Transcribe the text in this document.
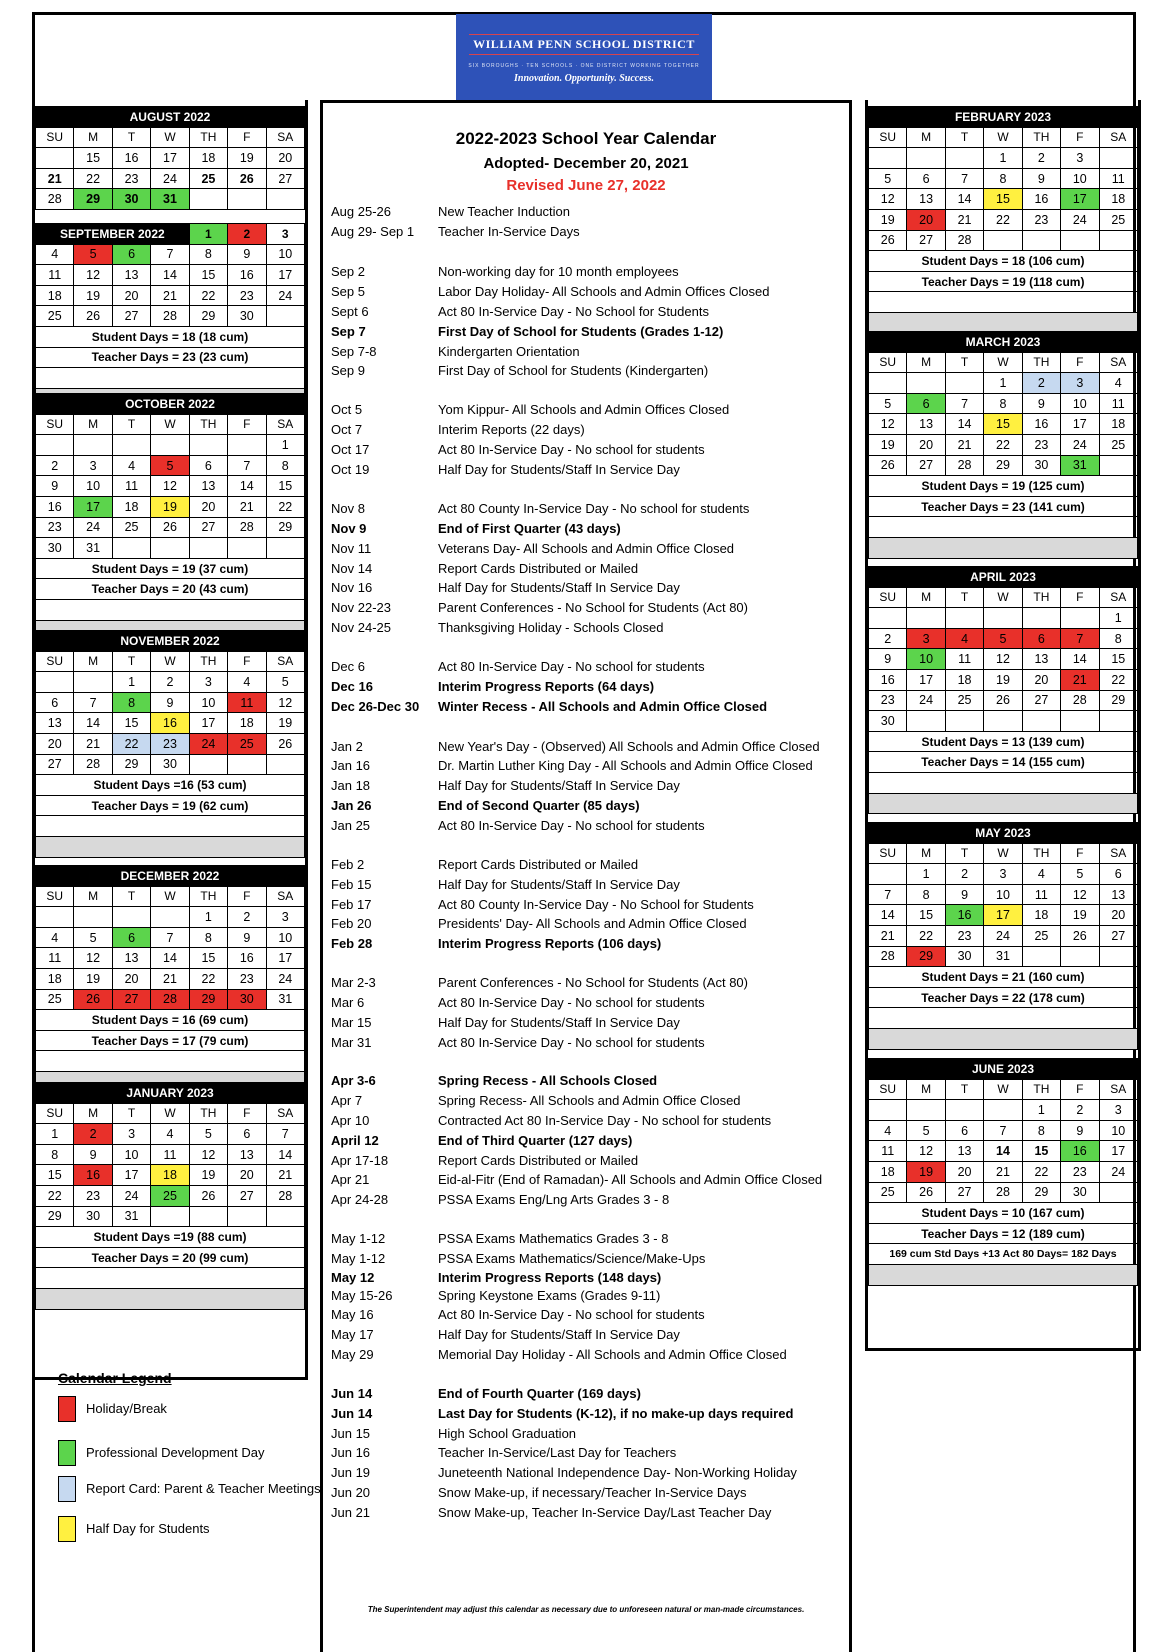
WILLIAM PENN SCHOOL DISTRICT
SIX BOROUGHS · TEN SCHOOLS · ONE DISTRICT WORKING TOGETHER
Innovation. Opportunity. Success.
AUGUST 2022						
SU	M	T	W	TH	F	SA
	15	16	17	18	19	20
21	22	23	24	25	26	27
28	29	30	31			
SEPTEMBER 2022				1	2	3
4	5	6	7	8	9	10
11	12	13	14	15	16	17
18	19	20	21	22	23	24
25	26	27	28	29	30	
Student Days = 18 (18 cum)						
Teacher Days = 23 (23 cum)						

OCTOBER 2022						
SU	M	T	W	TH	F	SA
						1
2	3	4	5	6	7	8
9	10	11	12	13	14	15
16	17	18	19	20	21	22
23	24	25	26	27	28	29
30	31					
Student Days = 19 (37 cum)						
Teacher Days = 20 (43 cum)						

NOVEMBER 2022						
SU	M	T	W	TH	F	SA
		1	2	3	4	5
6	7	8	9	10	11	12
13	14	15	16	17	18	19
20	21	22	23	24	25	26
27	28	29	30			
Student Days =16 (53 cum)						
Teacher Days = 19 (62 cum)						

DECEMBER 2022						
SU	M	T	W	TH	F	SA
				1	2	3
4	5	6	7	8	9	10
11	12	13	14	15	16	17
18	19	20	21	22	23	24
25	26	27	28	29	30	31
Student Days = 16 (69 cum)						
Teacher Days = 17 (79 cum)						

JANUARY 2023						
SU	M	T	W	TH	F	SA
1	2	3	4	5	6	7
8	9	10	11	12	13	14
15	16	17	18	19	20	21
22	23	24	25	26	27	28
29	30	31				
Student Days =19 (88 cum)						
Teacher Days = 20 (99 cum)						

FEBRUARY 2023						
SU	M	T	W	TH	F	SA
			1	2	3	
5	6	7	8	9	10	11
12	13	14	15	16	17	18
19	20	21	22	23	24	25
26	27	28				
Student Days = 18 (106 cum)						
Teacher Days = 19 (118 cum)						

MARCH 2023						
SU	M	T	W	TH	F	SA
			1	2	3	4
5	6	7	8	9	10	11
12	13	14	15	16	17	18
19	20	21	22	23	24	25
26	27	28	29	30	31	
Student Days = 19 (125 cum)						
Teacher Days = 23 (141 cum)						

APRIL 2023						
SU	M	T	W	TH	F	SA
						1
2	3	4	5	6	7	8
9	10	11	12	13	14	15
16	17	18	19	20	21	22
23	24	25	26	27	28	29
30						
Student Days = 13 (139 cum)						
Teacher Days = 14 (155 cum)						

MAY 2023						
SU	M	T	W	TH	F	SA
	1	2	3	4	5	6
7	8	9	10	11	12	13
14	15	16	17	18	19	20
21	22	23	24	25	26	27
28	29	30	31			
Student Days = 21 (160 cum)						
Teacher Days = 22 (178 cum)						

JUNE 2023						
SU	M	T	W	TH	F	SA
				1	2	3
4	5	6	7	8	9	10
11	12	13	14	15	16	17
18	19	20	21	22	23	24
25	26	27	28	29	30	
Student Days = 10 (167 cum)						
Teacher Days = 12 (189 cum)						
169 cum Std Days +13 Act 80 Days= 182 Days						

2022-2023 School Year Calendar
Adopted- December 20, 2021
Revised June 27, 2022
Aug 25-26	New Teacher Induction
Aug 29- Sep 1	Teacher In-Service Days
Sep 2	Non-working day for 10 month employees
Sep 5	Labor Day Holiday- All Schools and Admin Offices Closed
Sept 6	Act 80 In-Service Day - No School for Students
Sep 7	First Day of School for Students (Grades 1-12)
Sep 7-8	Kindergarten Orientation
Sep 9	First Day of School for Students (Kindergarten)
Oct 5	Yom Kippur- All Schools and Admin Offices Closed
Oct 7	Interim Reports (22 days)
Oct 17	Act 80 In-Service Day - No school for students
Oct 19	Half Day for Students/Staff In Service Day
Nov 8	Act 80 County In-Service Day - No school for students
Nov 9	End of First Quarter (43 days)
Nov 11	Veterans Day- All Schools and Admin Office Closed
Nov 14	Report Cards Distributed or Mailed
Nov 16	Half Day for Students/Staff In Service Day
Nov 22-23	Parent Conferences - No School for Students (Act 80)
Nov 24-25	Thanksgiving Holiday - Schools Closed
Dec 6	Act 80 In-Service Day - No school for students
Dec 16	Interim Progress Reports (64 days)
Dec 26-Dec 30	Winter Recess - All Schools and Admin Office Closed
Jan 2	New Year's Day - (Observed) All Schools and Admin Office Closed
Jan 16	Dr. Martin Luther King Day - All Schools and Admin Office Closed
Jan 18	Half Day for Students/Staff In Service Day
Jan 26	End of Second Quarter (85 days)
Jan 25	Act 80 In-Service Day - No school for students
Feb 2	Report Cards Distributed or Mailed
Feb 15	Half Day for Students/Staff In Service Day
Feb 17	Act 80 County In-Service Day - No School for Students
Feb 20	Presidents' Day- All Schools and Admin Office Closed
Feb 28	Interim Progress Reports (106 days)
Mar 2-3	Parent Conferences - No School for Students (Act 80)
Mar 6	Act 80 In-Service Day - No school for students
Mar 15	Half Day for Students/Staff In Service Day
Mar 31	Act 80 In-Service Day - No school for students
Apr 3-6	Spring Recess - All Schools Closed
Apr 7	Spring Recess- All Schools and Admin Office Closed
Apr 10	Contracted Act 80 In-Service Day - No school for students
April 12	End of Third Quarter (127 days)
Apr 17-18	Report Cards Distributed or Mailed
Apr 21	Eid-al-Fitr (End of Ramadan)- All Schools and Admin Office Closed
Apr 24-28	PSSA Exams Eng/Lng Arts Grades 3 - 8
May 1-12	PSSA Exams Mathematics Grades 3 - 8
May 1-12	PSSA Exams Mathematics/Science/Make-Ups
May 12	Interim Progress Reports (148 days)
May 15-26	Spring Keystone Exams (Grades 9-11)
May 16	Act 80 In-Service Day - No school for students
May 17	Half Day for Students/Staff In Service Day
May 29	Memorial Day Holiday - All Schools and Admin Office Closed
Jun 14	End of Fourth Quarter (169 days)
Jun 14	Last Day for Students (K-12), if no make-up days required
Jun 15	High School Graduation
Jun 16	Teacher In-Service/Last Day for Teachers
Jun 19	Juneteenth National Independence Day- Non-Working Holiday
Jun 20	Snow Make-up, if necessary/Teacher In-Service Days
Jun 21	Snow Make-up, Teacher In-Service Day/Last Teacher Day
The Superintendent may adjust this calendar as necessary due to unforeseen natural or man-made circumstances.
Calendar Legend
Holiday/Break
Professional Development Day
Report Card: Parent & Teacher Meetings
Half Day for Students
